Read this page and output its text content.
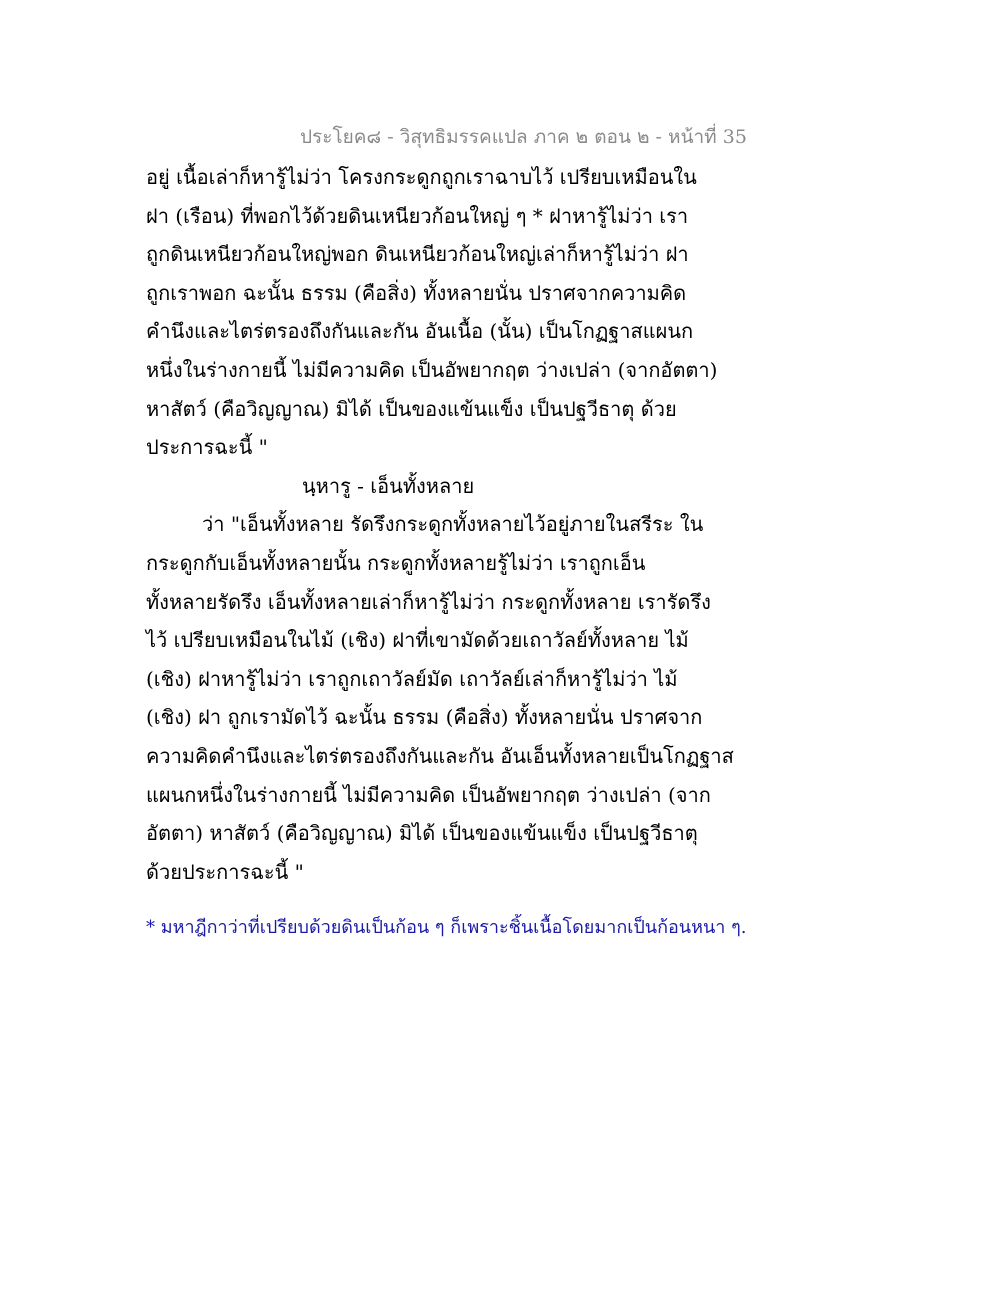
ประโยค๘ - วิสุทธิมรรคแปล ภาค ๒ ตอน ๒ - หน้าที่ 35
อยู่ เนื้อเล่าก็หารู้ไม่ว่า โครงกระดูกถูกเราฉาบไว้ เปรียบเหมือนใน
ฝา (เรือน) ที่พอกไว้ด้วยดินเหนียวก้อนใหญ่ ๆ * ฝาหารู้ไม่ว่า เรา
ถูกดินเหนียวก้อนใหญ่พอก ดินเหนียวก้อนใหญ่เล่าก็หารู้ไม่ว่า ฝา
ถูกเราพอก ฉะนั้น ธรรม (คือสิ่ง) ทั้งหลายนั่น ปราศจากความคิด
คำนึงและไตร่ตรองถึงกันและกัน อันเนื้อ (นั้น) เป็นโกฏฐาสแผนก
หนึ่งในร่างกายนี้ ไม่มีความคิด เป็นอัพยากฤต ว่างเปล่า (จากอัตตา)
หาสัตว์ (คือวิญญาณ) มิได้ เป็นของแข้นแข็ง เป็นปฐวีธาตุ ด้วย
ประการฉะนี้ "
นฺหารู - เอ็นทั้งหลาย
ว่า "เอ็นทั้งหลาย รัดรึงกระดูกทั้งหลายไว้อยู่ภายในสรีระ ใน
กระดูกกับเอ็นทั้งหลายนั้น กระดูกทั้งหลายรู้ไม่ว่า เราถูกเอ็น
ทั้งหลายรัดรึง เอ็นทั้งหลายเล่าก็หารู้ไม่ว่า กระดูกทั้งหลาย เรารัดรึง
ไว้ เปรียบเหมือนในไม้ (เชิง) ฝาที่เขามัดด้วยเถาวัลย์ทั้งหลาย ไม้
(เชิง) ฝาหารู้ไม่ว่า เราถูกเถาวัลย์มัด เถาวัลย์เล่าก็หารู้ไม่ว่า ไม้
(เชิง) ฝา ถูกเรามัดไว้ ฉะนั้น ธรรม (คือสิ่ง) ทั้งหลายนั่น ปราศจาก
ความคิดคำนึงและไตร่ตรองถึงกันและกัน อันเอ็นทั้งหลายเป็นโกฏฐาส
แผนกหนึ่งในร่างกายนี้ ไม่มีความคิด เป็นอัพยากฤต ว่างเปล่า (จาก
อัตตา) หาสัตว์ (คือวิญญาณ) มิได้ เป็นของแข้นแข็ง เป็นปฐวีธาตุ
ด้วยประการฉะนี้ "
* มหาฎีกาว่าที่เปรียบด้วยดินเป็นก้อน ๆ ก็เพราะชิ้นเนื้อโดยมากเป็นก้อนหนา ๆ.
